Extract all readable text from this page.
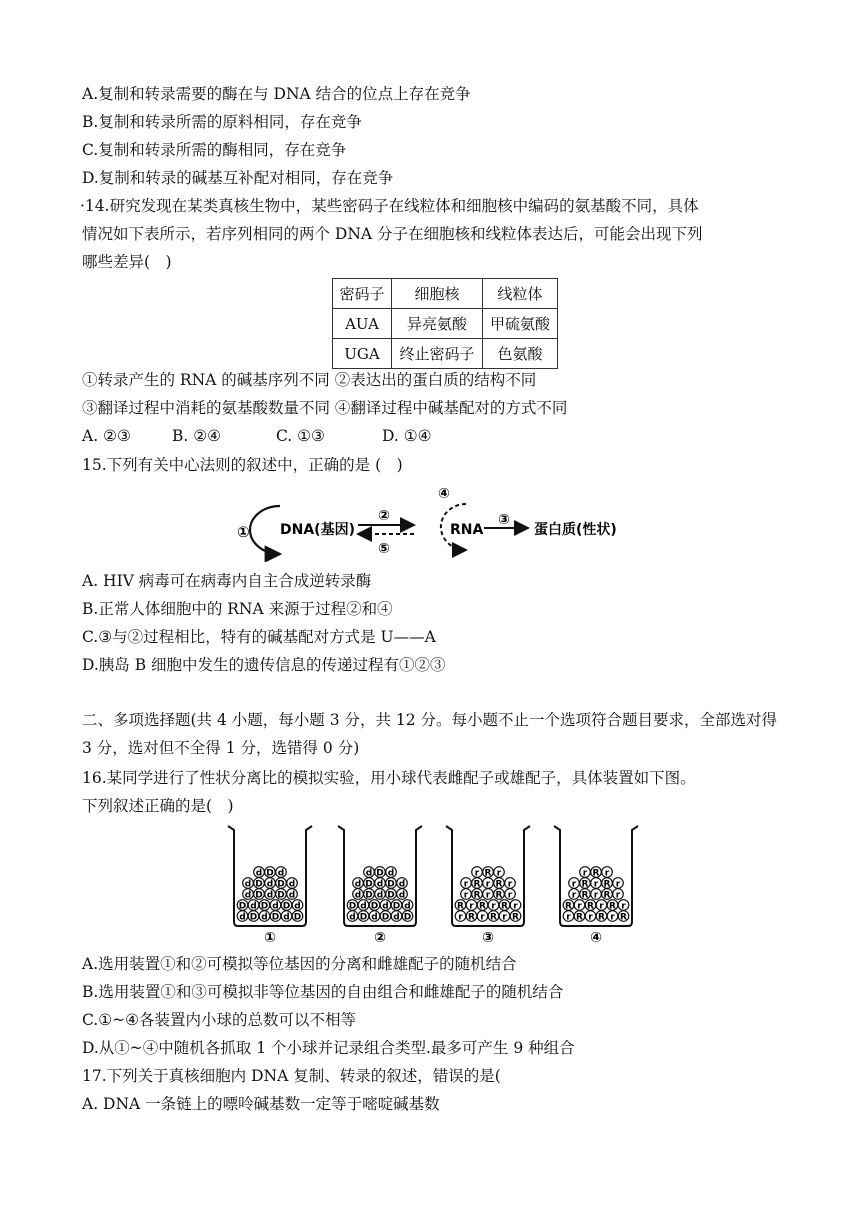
A.复制和转录需要的酶在与 DNA 结合的位点上存在竞争
B.复制和转录所需的原料相同，存在竞争
C.复制和转录所需的酶相同，存在竞争
D.复制和转录的碱基互补配对相同，存在竞争
·14.研究发现在某类真核生物中，某些密码子在线粒体和细胞核中编码的氨基酸不同，具体
情况如下表所示，若序列相同的两个 DNA 分子在细胞核和线粒体表达后，可能会出现下列
哪些差异(　)
密码子	细胞核	线粒体
AUA	异亮氨酸	甲硫氨酸
UGA	终止密码子	色氨酸
①转录产生的 RNA 的碱基序列不同 ②表达出的蛋白质的结构不同
③翻译过程中消耗的氨基酸数量不同 ④翻译过程中碱基配对的方式不同
A. ②③	B. ②④	C. ①③	D. ①④
15.下列有关中心法则的叙述中，正确的是 (　)
① DNA(基因)
②
⑤
④
RNA
③
蛋白质(性状)
A. HIV 病毒可在病毒内自主合成逆转录酶
B.正常人体细胞中的 RNA 来源于过程②和④
C.③与②过程相比，特有的碱基配对方式是 U——A
D.胰岛 B 细胞中发生的遗传信息的传递过程有①②③
二、多项选择题(共 4 小题，每小题 3 分，共 12 分。每小题不止一个选项符合题目要求，全部选对得 3 分，选对但不全得 1 分，选错得 0 分)
16.某同学进行了性状分离比的模拟实验，用小球代表雌配子或雄配子，具体装置如下图。
下列叙述正确的是(　)
d D d D d D
D d D d D d
d D d D d
d D d D d
d D d
①
d D d D d D
D d D d D d
d D d D d
d D d D d
d D d
②
r R r R r R
R r R r R r
r R r R r
r R r R r
r R r
③
r R r R r R
R r R r R r
r R r R r
r R r R r
r R r
④
A.选用装置①和②可模拟等位基因的分离和雌雄配子的随机结合
B.选用装置①和③可模拟非等位基因的自由组合和雌雄配子的随机结合
C.①~④各装置内小球的总数可以不相等
D.从①~④中随机各抓取 1 个小球并记录组合类型.最多可产生 9 种组合
17.下列关于真核细胞内 DNA 复制、转录的叙述，错误的是(
A. DNA 一条链上的嘌呤碱基数一定等于嘧啶碱基数
